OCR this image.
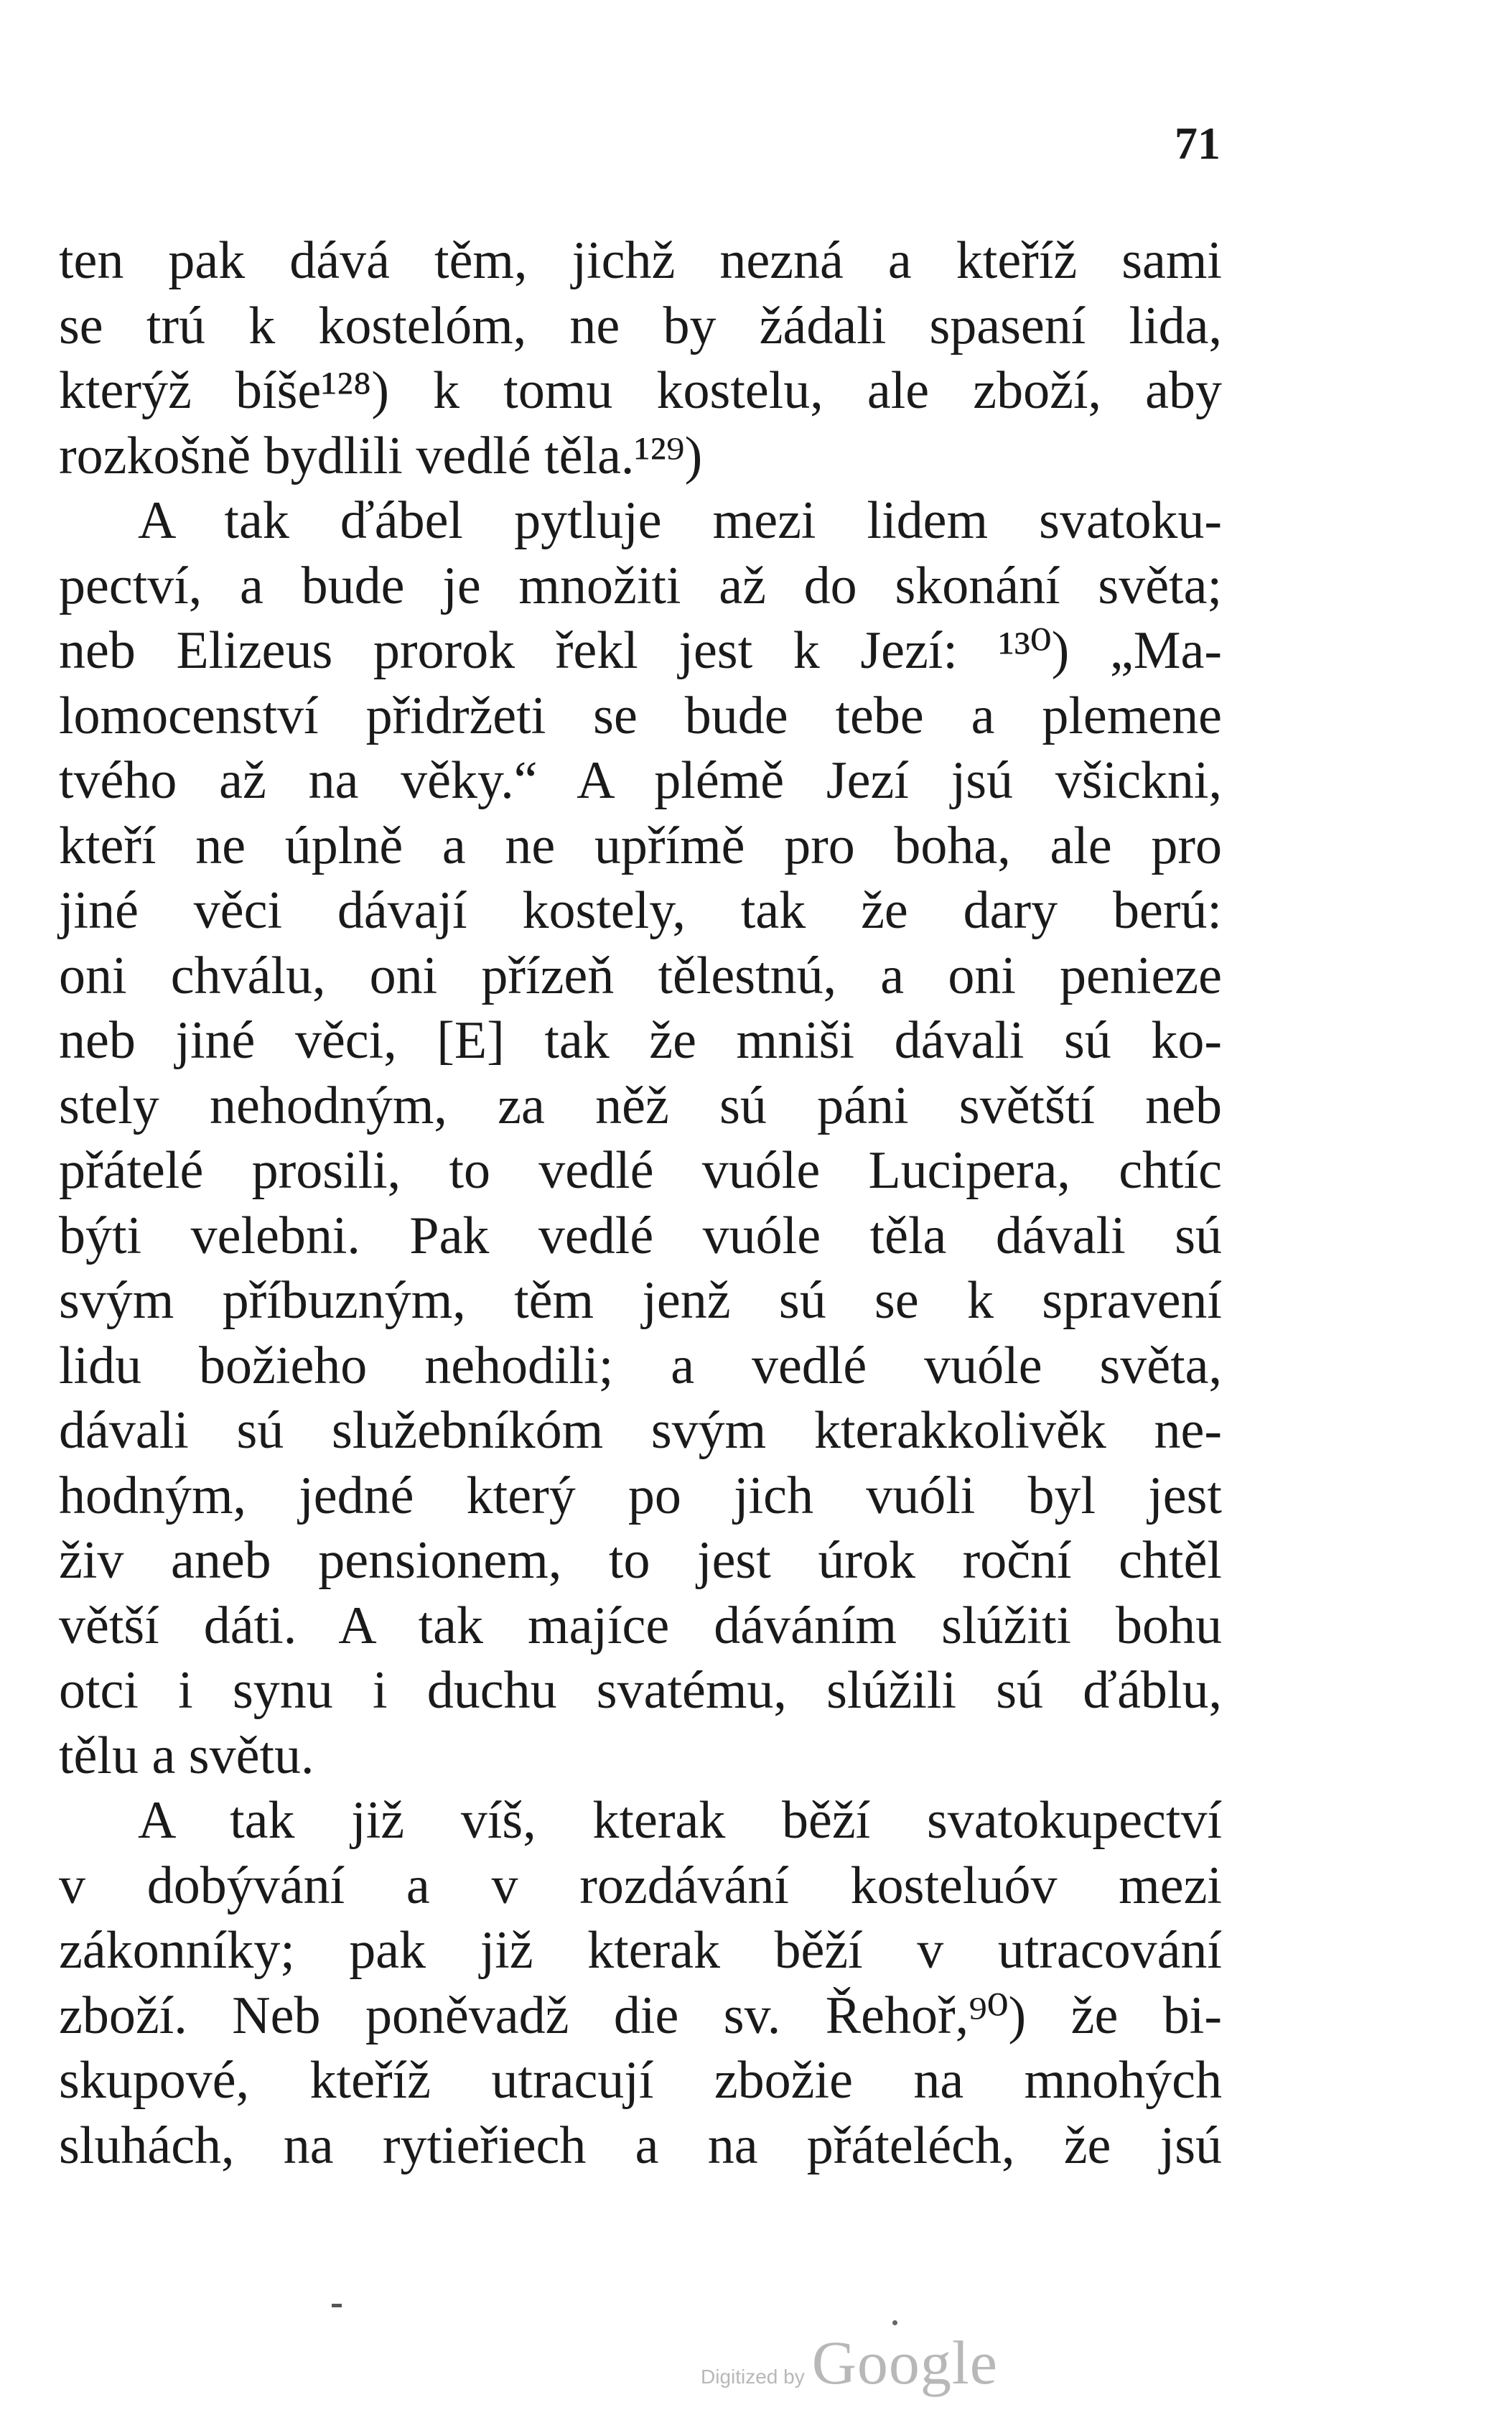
71
ten pak dává těm, jichž nezná a kteříž sami
se trú k kostelóm, ne by žádali spasení lida,
kterýž bíše¹²⁸) k tomu kostelu, ale zboží, aby
rozkošně bydlili vedlé těla.¹²⁹)
A tak ďábel pytluje mezi lidem svatoku-
pectví, a bude je množiti až do skonání světa;
neb Elizeus prorok řekl jest k Jezí: ¹³⁰) „Ma-
lomocenství přidržeti se bude tebe a plemene
tvého až na věky.“ A plémě Jezí jsú všickni,
kteří ne úplně a ne upřímě pro boha, ale pro
jiné věci dávají kostely, tak že dary berú:
oni chválu, oni přízeň tělestnú, a oni penieze
neb jiné věci, [E] tak že mniši dávali sú ko-
stely nehodným, za něž sú páni světští neb
přátelé prosili, to vedlé vuóle Lucipera, chtíc
býti velebni. Pak vedlé vuóle těla dávali sú
svým příbuzným, těm jenž sú se k spravení
lidu božieho nehodili; a vedlé vuóle světa,
dávali sú služebníkóm svým kterakkolivěk ne-
hodným, jedné který po jich vuóli byl jest
živ aneb pensionem, to jest úrok roční chtěl
větší dáti. A tak majíce dáváním slúžiti bohu
otci i synu i duchu svatému, slúžili sú ďáblu,
tělu a světu.
A tak již víš, kterak běží svatokupectví
v dobývání a v rozdávání kosteluóv mezi
zákonníky; pak již kterak běží v utracování
zboží. Neb poněvadž die sv. Řehoř,⁹⁰) že bi-
skupové, kteříž utracují zbožie na mnohých
sluhách, na rytieřiech a na přáteléch, že jsú
Digitized by Google
